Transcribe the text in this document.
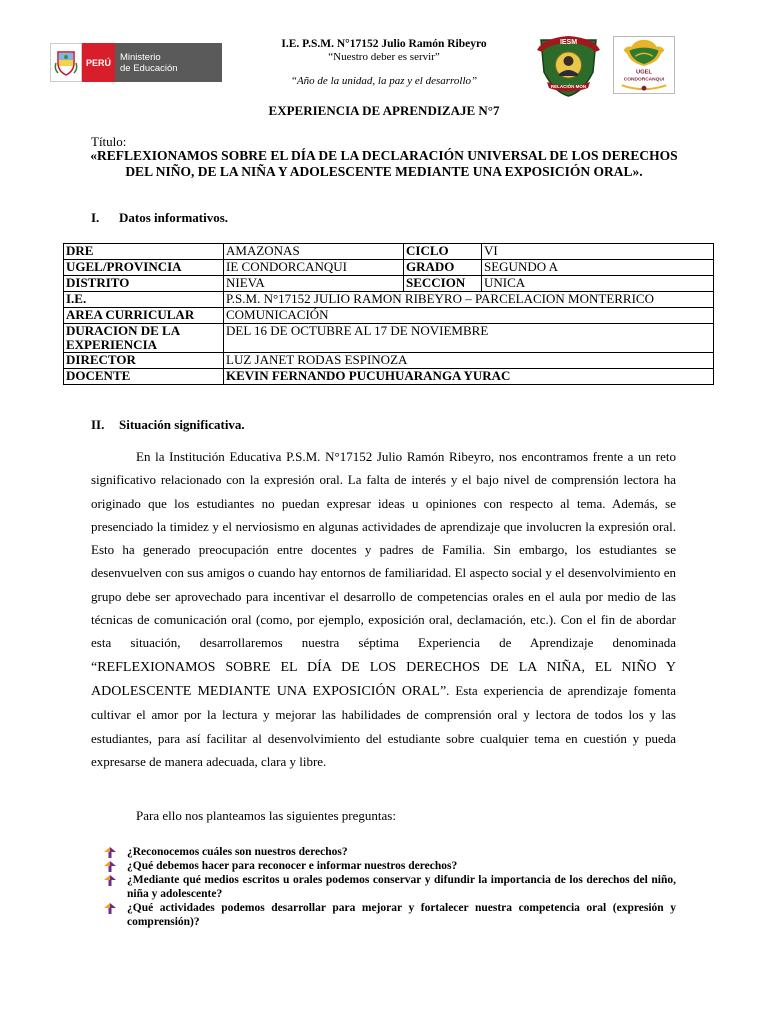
PERÚ Ministerio
de Educación
I.E. P.S.M. N°17152 Julio Ramón Ribeyro
“Nuestro deber es servir”
“Año de la unidad, la paz y el desarrollo”
IESM
RELACIÓN MON
UGEL
CONDORCANQUI
EXPERIENCIA DE APRENDIZAJE N°7
Título:
«REFLEXIONAMOS SOBRE EL DÍA DE LA DECLARACIÓN UNIVERSAL DE LOS DERECHOS DEL NIÑO, DE LA NIÑA Y ADOLESCENTE MEDIANTE UNA EXPOSICIÓN ORAL».
I. Datos informativos.
DRE	AMAZONAS	CICLO	VI
UGEL/PROVINCIA	IE CONDORCANQUI	GRADO	SEGUNDO A
DISTRITO	NIEVA	SECCION	UNICA
I.E.	P.S.M. N°17152 JULIO RAMON RIBEYRO – PARCELACION MONTERRICO		
AREA CURRICULAR	COMUNICACIÓN		
DURACION DE LA EXPERIENCIA	DEL 16 DE OCTUBRE AL 17 DE NOVIEMBRE		
DIRECTOR	LUZ JANET RODAS ESPINOZA		
DOCENTE	KEVIN FERNANDO PUCUHUARANGA YURAC		
II. Situación significativa.

En la Institución Educativa P.S.M. N°17152 Julio Ramón Ribeyro, nos encontramos frente a un reto significativo relacionado con la expresión oral. La falta de interés y el bajo nivel de comprensión lectora ha originado que los estudiantes no puedan expresar ideas u opiniones con respecto al tema. Además, se presenciado la timidez y el nerviosismo en algunas actividades de aprendizaje que involucren la expresión oral. Esto ha generado preocupación entre docentes y padres de Familia. Sin embargo, los estudiantes se desenvuelven con sus amigos o cuando hay entornos de familiaridad. El aspecto social y el desenvolvimiento en grupo debe ser aprovechado para incentivar el desarrollo de competencias orales en el aula por medio de las técnicas de comunicación oral (como, por ejemplo, exposición oral, declamación, etc.). Con el fin de abordar esta situación, desarrollaremos nuestra séptima Experiencia de Aprendizaje denominada “REFLEXIONAMOS SOBRE EL DÍA DE LOS DERECHOS DE LA NIÑA, EL NIÑO Y ADOLESCENTE MEDIANTE UNA EXPOSICIÓN ORAL”. Esta experiencia de aprendizaje fomenta cultivar el amor por la lectura y mejorar las habilidades de comprensión oral y lectora de todos los y las estudiantes, para así facilitar al desenvolvimiento del estudiante sobre cualquier tema en cuestión y pueda expresarse de manera adecuada, clara y libre.

Para ello nos planteamos las siguientes preguntas:
¿Reconocemos cuáles son nuestros derechos?
¿Qué debemos hacer para reconocer e informar nuestros derechos?
¿Mediante qué medios escritos u orales podemos conservar y difundir la importancia de los derechos del niño, niña y adolescente?
¿Qué actividades podemos desarrollar para mejorar y fortalecer nuestra competencia oral (expresión y comprensión)?
